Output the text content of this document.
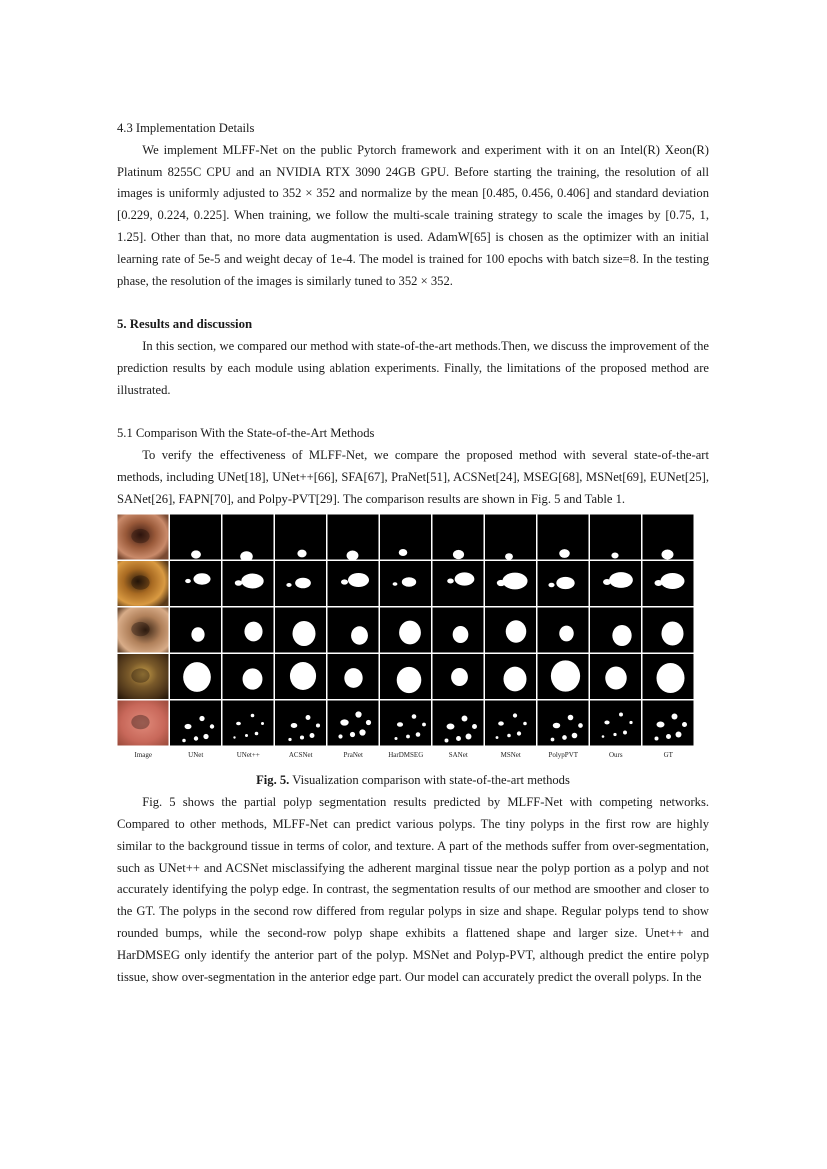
4.3 Implementation Details

We implement MLFF-Net on the public Pytorch framework and experiment with it on an Intel(R) Xeon(R) Platinum 8255C CPU and an NVIDIA RTX 3090 24GB GPU. Before starting the training, the resolution of all images is uniformly adjusted to 352 × 352 and normalize by the mean [0.485, 0.456, 0.406] and standard deviation [0.229, 0.224, 0.225]. When training, we follow the multi-scale training strategy to scale the images by [0.75, 1, 1.25]. Other than that, no more data augmentation is used. AdamW[65] is chosen as the optimizer with an initial learning rate of 5e-5 and weight decay of 1e-4. The model is trained for 100 epochs with batch size=8. In the testing phase, the resolution of the images is similarly tuned to 352 × 352.

5. Results and discussion

In this section, we compared our method with state-of-the-art methods.Then, we discuss the improvement of the prediction results by each module using ablation experiments. Finally, the limitations of the proposed method are illustrated.

5.1 Comparison With the State-of-the-Art Methods

To verify the effectiveness of MLFF-Net, we compare the proposed method with several state-of-the-art methods, including UNet[18], UNet++[66], SFA[67], PraNet[51], ACSNet[24], MSEG[68], MSNet[69], EUNet[25], SANet[26], FAPN[70], and Polpy-PVT[29]. The comparison results are shown in Fig. 5 and Table 1.

Image	UNet	UNet++	ACSNet	PraNet	HarDMSEG	SANet	MSNet	PolypPVT	Ours	GT

Fig. 5. Visualization comparison with state-of-the-art methods

Fig. 5 shows the partial polyp segmentation results predicted by MLFF-Net with competing networks. Compared to other methods, MLFF-Net can predict various polyps. The tiny polyps in the first row are highly similar to the background tissue in terms of color, and texture. A part of the methods suffer from over-segmentation, such as UNet++ and ACSNet misclassifying the adherent marginal tissue near the polyp portion as a polyp and not accurately identifying the polyp edge. In contrast, the segmentation results of our method are smoother and closer to the GT. The polyps in the second row differed from regular polyps in size and shape. Regular polyps tend to show rounded bumps, while the second-row polyp shape exhibits a flattened shape and larger size. Unet++ and HarDMSEG only identify the anterior part of the polyp. MSNet and Polyp-PVT, although predict the entire polyp tissue, show over-segmentation in the anterior edge part. Our model can accurately predict the overall polyps. In the
